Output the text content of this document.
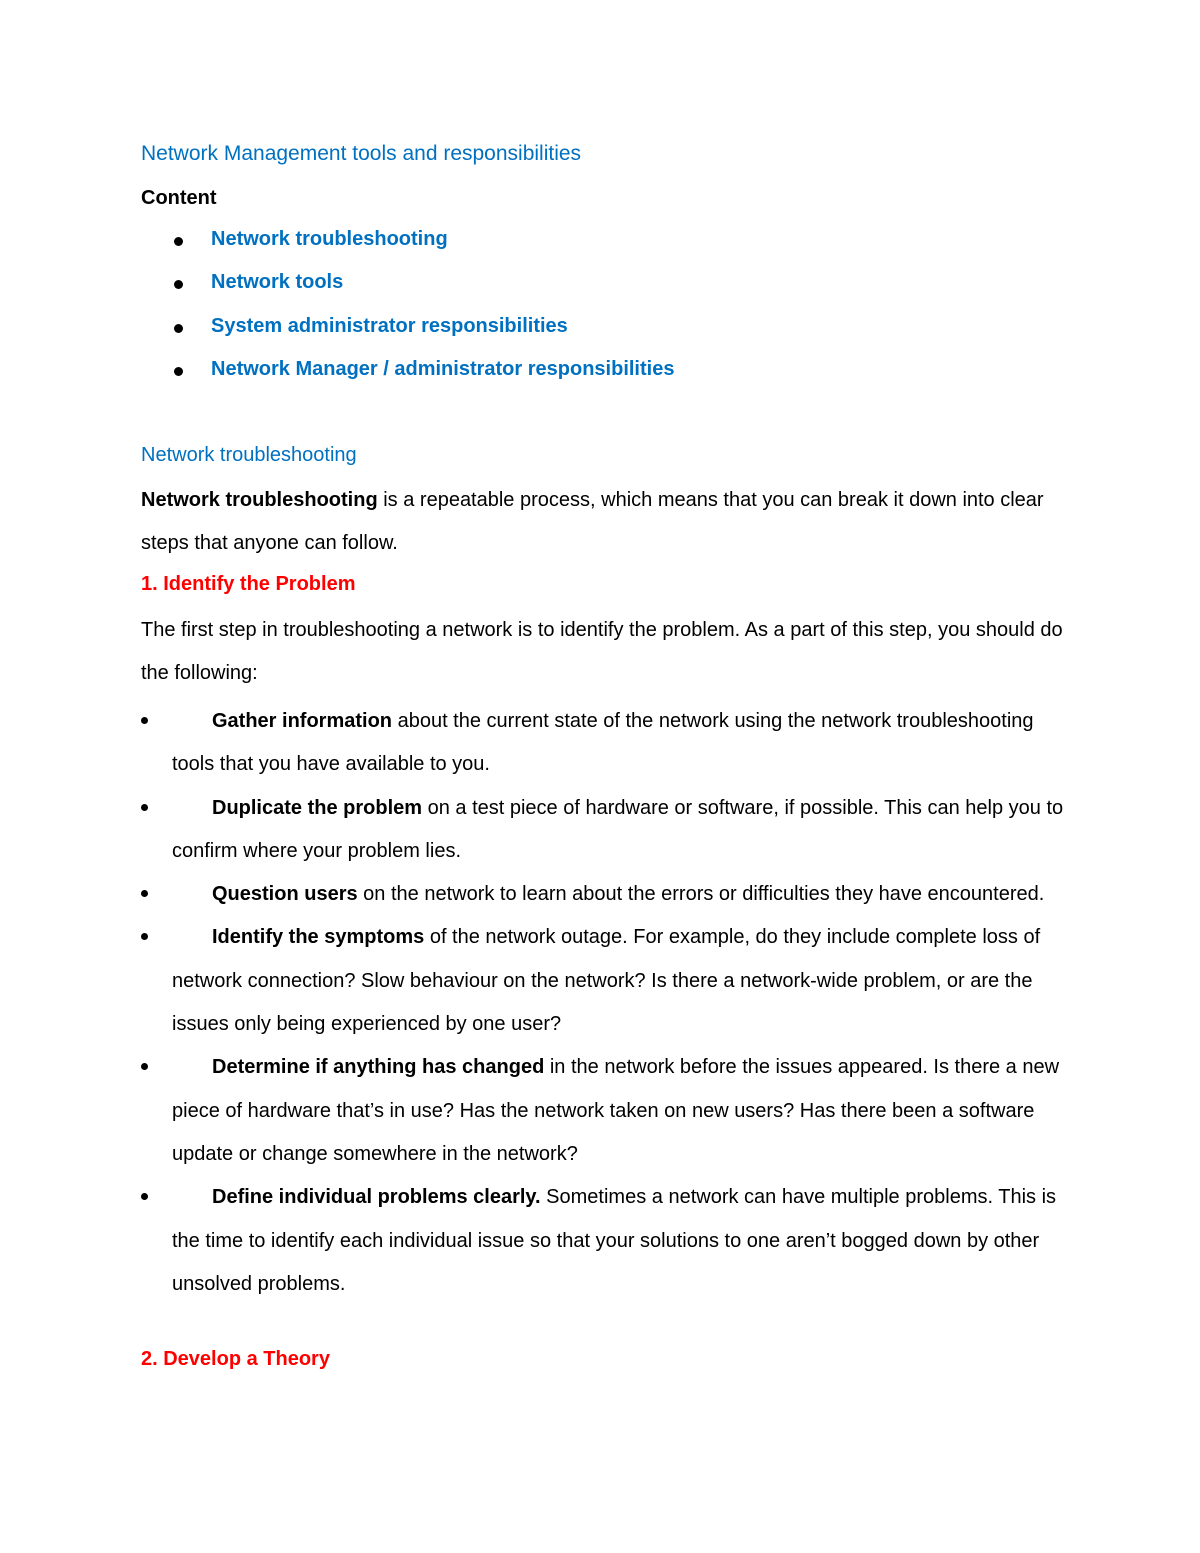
Network Management tools and responsibilities
Content
Network troubleshooting
Network tools
System administrator responsibilities
Network Manager / administrator responsibilities
Network troubleshooting
Network troubleshooting is a repeatable process, which means that you can break it down into clear steps that anyone can follow.
1. Identify the Problem
The first step in troubleshooting a network is to identify the problem. As a part of this step, you should do the following:
Gather information about the current state of the network using the network troubleshooting tools that you have available to you.
Duplicate the problem on a test piece of hardware or software, if possible. This can help you to confirm where your problem lies.
Question users on the network to learn about the errors or difficulties they have encountered.
Identify the symptoms of the network outage. For example, do they include complete loss of network connection? Slow behaviour on the network? Is there a network-wide problem, or are the issues only being experienced by one user?
Determine if anything has changed in the network before the issues appeared. Is there a new piece of hardware that’s in use? Has the network taken on new users? Has there been a software update or change somewhere in the network?
Define individual problems clearly. Sometimes a network can have multiple problems. This is the time to identify each individual issue so that your solutions to one aren’t bogged down by other unsolved problems.
2. Develop a Theory
